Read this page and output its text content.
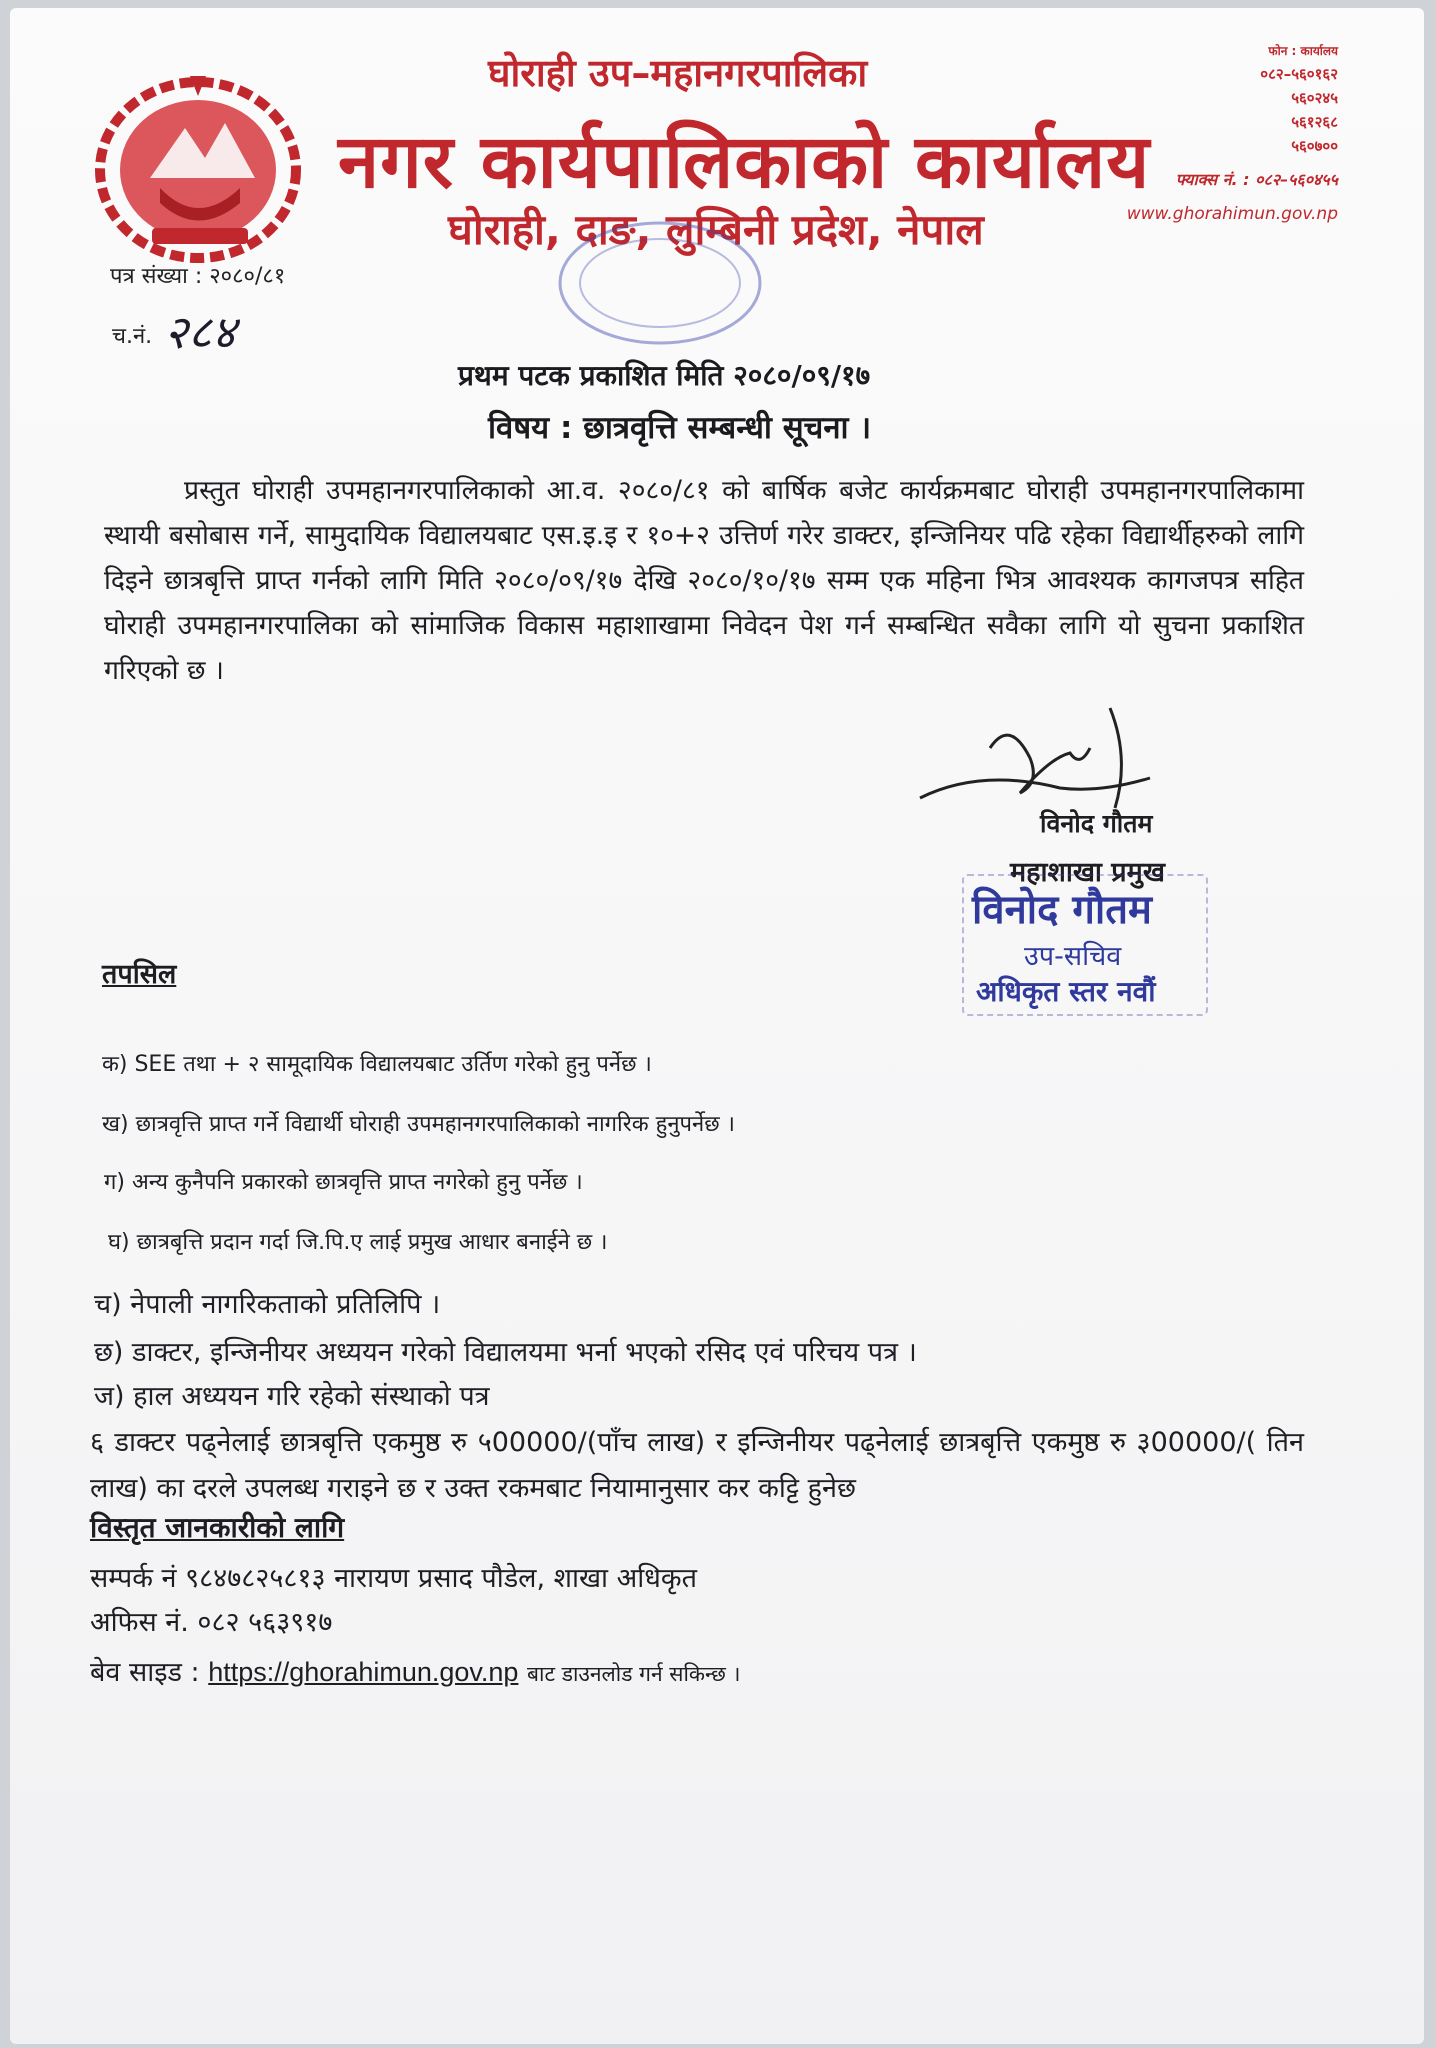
घोराही उप–महानगरपालिका
नगर कार्यपालिकाको कार्यालय
घोराही, दाङ, लुम्बिनी प्रदेश, नेपाल
फोन : कार्यालय
०८२–५६०१६२
५६०२४५
५६१२६८
५६०७००
फ्याक्स नं. : ०८२–५६०४५५
www.ghorahimun.gov.np
पत्र संख्या : २०८०/८१
च.नं. २८४
प्रथम पटक प्रकाशित मिति २०८०/०९/१७
विषय : छात्रवृत्ति सम्बन्धी सूचना ।
प्रस्तुत घोराही उपमहानगरपालिकाको आ.व. २०८०/८१ को बार्षिक बजेट कार्यक्रमबाट घोराही उपमहानगरपालिकामा स्थायी बसोबास गर्ने, सामुदायिक विद्यालयबाट एस.इ.इ र १०+२ उत्तिर्ण गरेर डाक्टर, इन्जिनियर पढि रहेका विद्यार्थीहरुको लागि दिइने छात्रबृत्ति प्राप्त गर्नको लागि मिति २०८०/०९/१७ देखि २०८०/१०/१७ सम्म एक महिना भित्र आवश्यक कागजपत्र सहित घोराही उपमहानगरपालिका को सांमाजिक विकास महाशाखामा निवेदन पेश गर्न सम्बन्धित सवैका लागि यो सुचना प्रकाशित गरिएको छ ।
विनोद गौतम
महाशाखा प्रमुख
विनोद गौतम
उप-सचिव
अधिकृत स्तर नवौं
तपसिल
क) SEE तथा + २ सामूदायिक विद्यालयबाट उर्तिण गरेको हुनु पर्नेछ ।
ख) छात्रवृत्ति प्राप्त गर्ने विद्यार्थी घोराही उपमहानगरपालिकाको नागरिक हुनुपर्नेछ ।
ग) अन्य कुनैपनि प्रकारको छात्रवृत्ति प्राप्त नगरेको हुनु पर्नेछ ।
घ) छात्रबृत्ति प्रदान गर्दा जि.पि.ए लाई प्रमुख आधार बनाईने छ ।
च) नेपाली नागरिकताको प्रतिलिपि ।
छ) डाक्टर, इन्जिनीयर अध्ययन गरेको विद्यालयमा भर्ना भएको रसिद एवं परिचय पत्र ।
ज) हाल अध्ययन गरि रहेको संस्थाको पत्र
६ डाक्टर पढ्नेलाई छात्रबृत्ति एकमुष्ठ रु ५00000/(पाँच लाख) र इन्जिनीयर पढ्नेलाई छात्रबृत्ति एकमुष्ठ रु ३00000/( तिन लाख) का दरले उपलब्ध गराइने छ र उक्त रकमबाट नियामानुसार कर कट्टि हुनेछ
विस्तृत जानकारीको लागि
सम्पर्क नं ९८४७८२५८१३ नारायण प्रसाद पौडेल, शाखा अधिकृत
अफिस नं. ०८२ ५६३९१७
बेव साइड : https://ghorahimun.gov.np बाट डाउनलोड गर्न सकिन्छ ।
